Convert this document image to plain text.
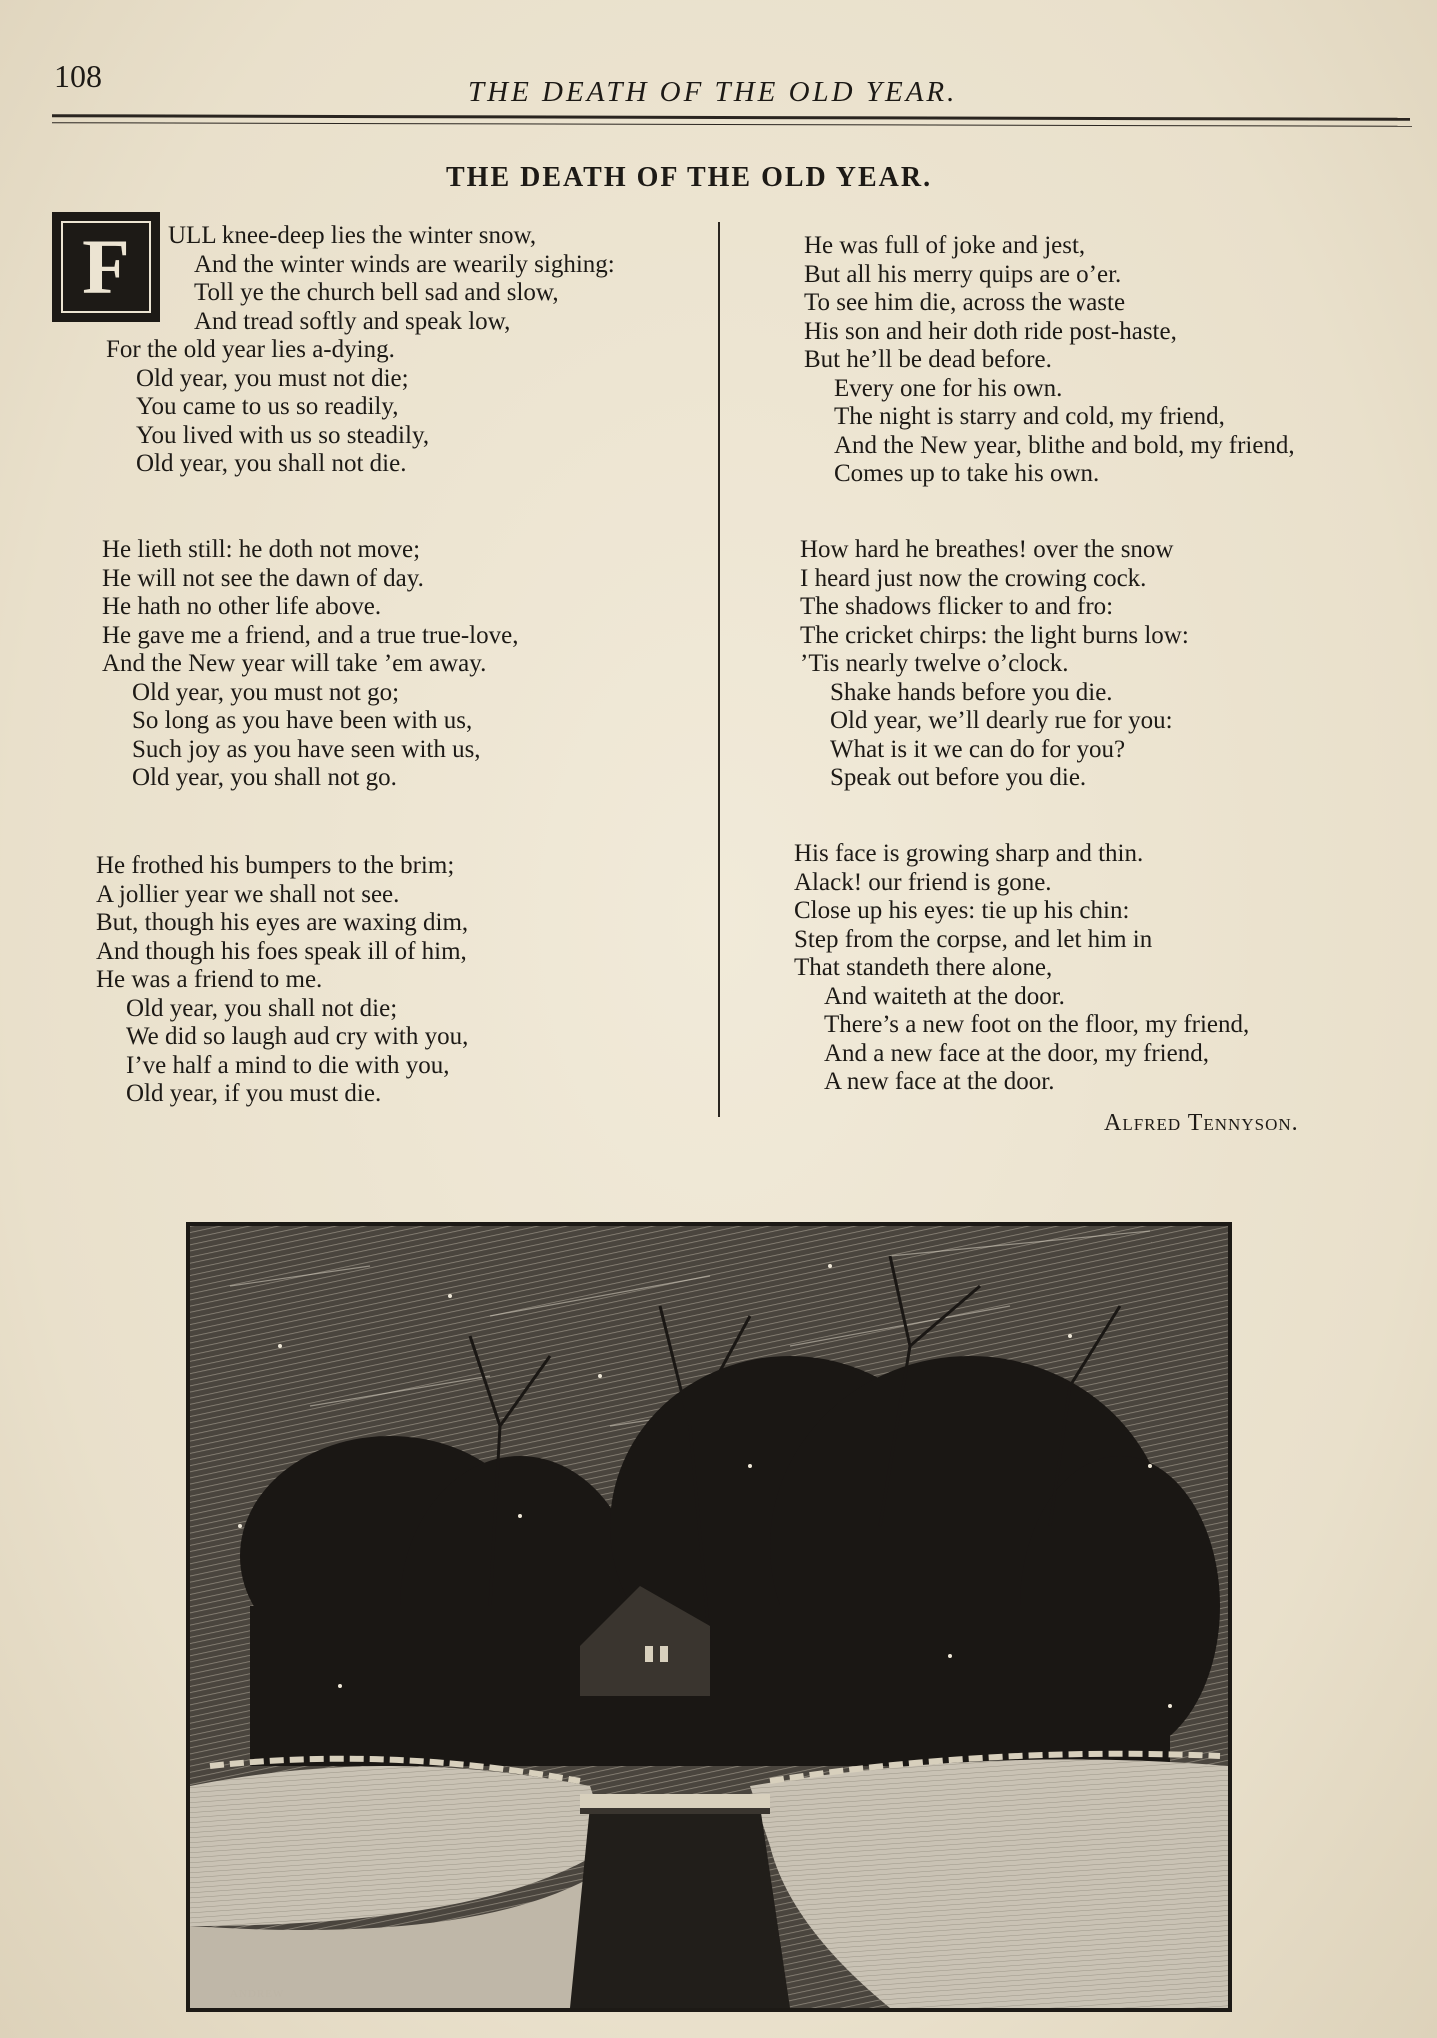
108	THE DEATH OF THE OLD YEAR.
THE DEATH OF THE OLD YEAR.
F	ULL knee-deep lies the winter snow,
And the winter winds are wearily sighing:
Toll ye the church bell sad and slow,
And tread softly and speak low,
For the old year lies a-dying.
Old year, you must not die;
You came to us so readily,
You lived with us so steadily,
Old year, you shall not die.
He lieth still: he doth not move;
He will not see the dawn of day.
He hath no other life above.
He gave me a friend, and a true true-love,
And the New year will take ’em away.
Old year, you must not go;
So long as you have been with us,
Such joy as you have seen with us,
Old year, you shall not go.
He frothed his bumpers to the brim;
A jollier year we shall not see.
But, though his eyes are waxing dim,
And though his foes speak ill of him,
He was a friend to me.
Old year, you shall not die;
We did so laugh aud cry with you,
I’ve half a mind to die with you,
Old year, if you must die.
He was full of joke and jest,
But all his merry quips are o’er.
To see him die, across the waste
His son and heir doth ride post-haste,
But he’ll be dead before.
Every one for his own.
The night is starry and cold, my friend,
And the New year, blithe and bold, my friend,
Comes up to take his own.
How hard he breathes! over the snow
I heard just now the crowing cock.
The shadows flicker to and fro:
The cricket chirps: the light burns low:
’Tis nearly twelve o’clock.
Shake hands before you die.
Old year, we’ll dearly rue for you:
What is it we can do for you?
Speak out before you die.
His face is growing sharp and thin.
Alack! our friend is gone.
Close up his eyes: tie up his chin:
Step from the corpse, and let him in
That standeth there alone,
And waiteth at the door.
There’s a new foot on the floor, my friend,
And a new face at the door, my friend,
A new face at the door.
Alfred Tennyson.
ANDREW
